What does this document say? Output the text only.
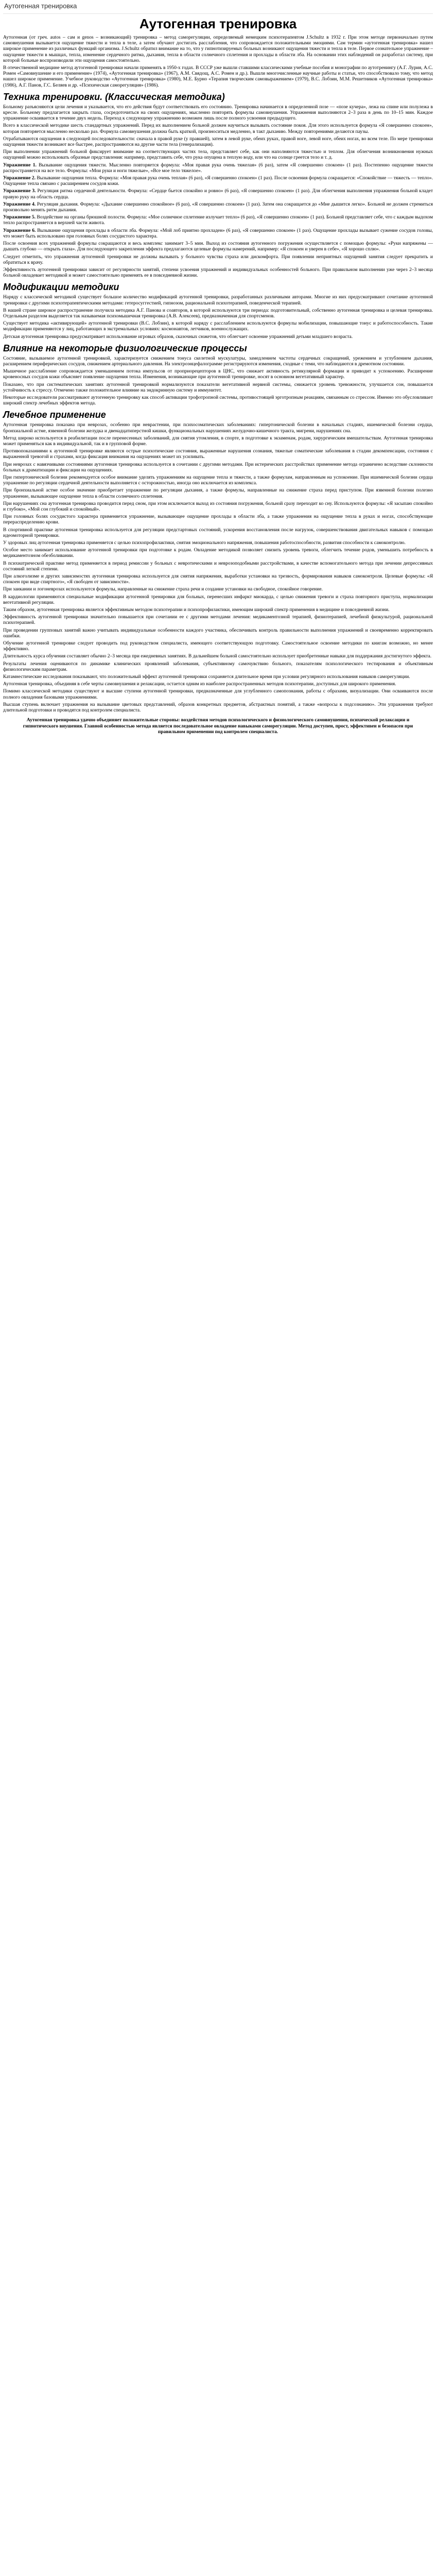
Аутогенная тренировка
Аутогенная тренировка

Аутогенная (от греч. autos – сам и genos – возникающий) тренировка – метод саморегуляции, определяемый немецким психотерапевтом J.Schultz в 1932 г. При этом методе первоначально путем самовнушения вызывается ощущение тяжести и тепла в теле, а затем обучают достигать расслабления, что сопровождается положительными эмоциями. Сам термин «аутогенная тренировка» нашел широкое применение из различных функций организма. J.Schultz обратил внимание на то, что у гипнотизируемых больных возникают ощущения тяжести и тепла в теле. Первое сознательное упражнение – ощущение тяжести в мышцах, тепла, изменение сердечного ритма, дыхания, тепла в области солнечного сплетения и прохлады в области лба. На основании этих наблюдений он разработал систему, при которой больные воспроизводили эти ощущения самостоятельно.

В отечественной медицине метод аутогенной тренировки начали применять в 1950-х годах. В СССР уже вышли ставшими классическими учебные пособия и монографии по аутотренингу (А.Г. Лурия, А.С. Ромен «Самовнушение и его применение» (1974), «Аутогенная тренировка» (1967), А.М. Свядощ, А.С. Ромен и др.). Вышли многочисленные научные работы и статьи, что способствовало тому, что метод нашел широкое применение. Учебное руководство «Аутогенная тренировка» (1980), М.Е. Бурно «Терапия творческим самовыражением» (1979), В.С. Лобзин, М.М. Решетников «Аутогенная тренировка» (1986), А.Г. Панов, Г.С. Беляев и др. «Психическая саморегуляция» (1986).

Техника тренировки. (Классическая методика)

Больному разъясняются цели лечения и указывается, что его действия будут соответствовать его состоянию. Тренировка начинается в определенной позе — «позе кучера», лежа на спине или полулежа в кресле. Больному предлагается закрыть глаза, сосредоточиться на своих ощущениях, мысленно повторять формулы самовнушения. Упражнения выполняются 2–3 раза в день по 10–15 мин. Каждое упражнение осваивается в течение двух недель. Переход к следующему упражнению возможен лишь после полного усвоения предыдущего.

Всего в классической методике шесть стандартных упражнений. Перед их выполнением больной должен научиться вызывать состояние покоя. Для этого используется формула «Я совершенно спокоен», которая повторяется мысленно несколько раз. Формула самовнушения должна быть краткой, произноситься медленно, в такт дыханию. Между повторениями делаются паузы.

Отрабатываются ощущения в следующей последовательности: сначала в правой руке (у правшей), затем в левой руке, обеих руках, правой ноге, левой ноге, обеих ногах, во всем теле. По мере тренировки ощущения тяжести возникают все быстрее, распространяются на другие части тела (генерализация).

При выполнении упражнений больной фиксирует внимание на соответствующих частях тела, представляет себе, как они наполняются тяжестью и теплом. Для облегчения возникновения нужных ощущений можно использовать образные представления: например, представить себе, что рука опущена в теплую воду, или что на солнце греется тело и т. д.

Упражнение 1. Вызывание ощущения тяжести. Мысленно повторяется формула: «Моя правая рука очень тяжелая» (6 раз), затем «Я совершенно спокоен» (1 раз). Постепенно ощущение тяжести распространяется на все тело. Формулы: «Мои руки и ноги тяжелые», «Все мое тело тяжелое».

Упражнение 2. Вызывание ощущения тепла. Формула: «Моя правая рука очень теплая» (6 раз), «Я совершенно спокоен» (1 раз). После освоения формула сокращается: «Спокойствие — тяжесть — тепло». Ощущение тепла связано с расширением сосудов кожи.

Упражнение 3. Регуляция ритма сердечной деятельности. Формула: «Сердце бьется спокойно и ровно» (6 раз), «Я совершенно спокоен» (1 раз). Для облегчения выполнения упражнения больной кладет правую руку на область сердца.

Упражнение 4. Регуляция дыхания. Формула: «Дыхание совершенно спокойное» (6 раз), «Я совершенно спокоен» (1 раз). Затем она сокращается до «Мне дышится легко». Больной не должен стремиться произвольно менять ритм дыхания.

Упражнение 5. Воздействие на органы брюшной полости. Формула: «Мое солнечное сплетение излучает тепло» (6 раз), «Я совершенно спокоен» (1 раз). Больной представляет себе, что с каждым выдохом тепло распространяется в верхней части живота.

Упражнение 6. Вызывание ощущения прохлады в области лба. Формула: «Мой лоб приятно прохладен» (6 раз), «Я совершенно спокоен» (1 раз). Ощущение прохлады вызывает сужение сосудов головы, что может быть использовано при головных болях сосудистого характера.

После освоения всех упражнений формулы сокращаются и весь комплекс занимает 3–5 мин. Выход из состояния аутогенного погружения осуществляется с помощью формулы: «Руки напряжены — дышать глубоко — открыть глаза». Для последующего закрепления эффекта предлагаются целевые формулы намерений, например: «Я спокоен и уверен в себе», «Я хорошо сплю».

Следует отметить, что упражнения аутогенной тренировки не должны вызывать у больного чувства страха или дискомфорта. При появлении неприятных ощущений занятия следует прекратить и обратиться к врачу.

Эффективность аутогенной тренировки зависит от регулярности занятий, степени усвоения упражнений и индивидуальных особенностей больного. При правильном выполнении уже через 2–3 месяца больной овладевает методикой и может самостоятельно применять ее в повседневной жизни.

Модификации методики

Наряду с классической методикой существует большое количество модификаций аутогенной тренировки, разработанных различными авторами. Многие из них предусматривают сочетание аутогенной тренировки с другими психотерапевтическими методами: гетеросуггестией, гипнозом, рациональной психотерапией, поведенческой терапией.

В нашей стране широкое распространение получила методика А.Г. Панова и соавторов, в которой используются три периода: подготовительный, собственно аутогенная тренировка и целевая тренировка. Отдельным разделом выделяется так называемая психомышечная тренировка (А.В. Алексеев), предназначенная для спортсменов.

Существует методика «активирующей» аутогенной тренировки (В.С. Лобзин), в которой наряду с расслаблением используются формулы мобилизации, повышающие тонус и работоспособность. Такие модификации применяются у лиц, работающих в экстремальных условиях: космонавтов, летчиков, военнослужащих.

Детская аутогенная тренировка предусматривает использование игровых образов, сказочных сюжетов, что облегчает освоение упражнений детьми младшего возраста.

Влияние на некоторые физиологические процессы

Состояние, вызываемое аутогенной тренировкой, характеризуется снижением тонуса скелетной мускулатуры, замедлением частоты сердечных сокращений, урежением и углублением дыхания, расширением периферических сосудов, снижением артериального давления. На электроэнцефалограмме регистрируются изменения, сходные с теми, что наблюдаются в дремотном состоянии.

Мышечное расслабление сопровождается уменьшением потока импульсов от проприорецепторов в ЦНС, что снижает активность ретикулярной формации и приводит к успокоению. Расширение кровеносных сосудов кожи объясняет появление ощущения тепла. Изменения, возникающие при аутогенной тренировке, носят в основном вегетативный характер.

Показано, что при систематических занятиях аутогенной тренировкой нормализуются показатели вегетативной нервной системы, снижается уровень тревожности, улучшается сон, повышается устойчивость к стрессу. Отмечено также положительное влияние на эндокринную систему и иммунитет.

Некоторые исследователи рассматривают аутогенную тренировку как способ активации трофотропной системы, противостоящей эрготропным реакциям, связанным со стрессом. Именно это обусловливает широкий спектр лечебных эффектов метода.

Лечебное применение

Аутогенная тренировка показана при неврозах, особенно при неврастении, при психосоматических заболеваниях: гипертонической болезни в начальных стадиях, ишемической болезни сердца, бронхиальной астме, язвенной болезни желудка и двенадцатиперстной кишки, функциональных нарушениях желудочно-кишечного тракта, мигрени, нарушениях сна.

Метод широко используется в реабилитации после перенесенных заболеваний, для снятия утомления, в спорте, в подготовке к экзаменам, родам, хирургическим вмешательствам. Аутогенная тренировка может применяться как в индивидуальной, так и в групповой форме.

Противопоказаниями к аутогенной тренировке являются острые психотические состояния, выраженные нарушения сознания, тяжелые соматические заболевания в стадии декомпенсации, состояния с выраженной тревогой и страхами, когда фиксация внимания на ощущениях может их усиливать.

При неврозах с навязчивыми состояниями аутогенная тренировка используется в сочетании с другими методами. При истерических расстройствах применение метода ограничено вследствие склонности больных к драматизации и фиксации на ощущениях.

При гипертонической болезни рекомендуется особое внимание уделять упражнениям на ощущение тепла и тяжести, а также формулам, направленным на успокоение. При ишемической болезни сердца упражнение по регуляции сердечной деятельности выполняется с осторожностью, иногда оно исключается из комплекса.

При бронхиальной астме особое значение приобретает упражнение по регуляции дыхания, а также формулы, направленные на снижение страха перед приступом. При язвенной болезни полезно упражнение, вызывающее ощущение тепла в области солнечного сплетения.

При нарушениях сна аутогенная тренировка проводится перед сном, при этом исключается выход из состояния погружения, больной сразу переходит ко сну. Используются формулы: «Я засыпаю спокойно и глубоко», «Мой сон глубокий и спокойный».

При головных болях сосудистого характера применяется упражнение, вызывающее ощущение прохлады в области лба, а также упражнения на ощущение тепла в руках и ногах, способствующие перераспределению крови.

В спортивной практике аутогенная тренировка используется для регуляции предстартовых состояний, ускорения восстановления после нагрузок, совершенствования двигательных навыков с помощью идеомоторной тренировки.

У здоровых лиц аутогенная тренировка применяется с целью психопрофилактики, снятия эмоционального напряжения, повышения работоспособности, развития способности к самоконтролю.

Особое место занимает использование аутогенной тренировки при подготовке к родам. Овладение методикой позволяет снизить уровень тревоги, облегчить течение родов, уменьшить потребность в медикаментозном обезболивании.

В психиатрической практике метод применяется в период ремиссии у больных с невротическими и неврозоподобными расстройствами, в качестве вспомогательного метода при лечении депрессивных состояний легкой степени.

При алкоголизме и других зависимостях аутогенная тренировка используется для снятия напряжения, выработки установки на трезвость, формирования навыков самоконтроля. Целевые формулы: «Я спокоен при виде спиртного», «Я свободен от зависимости».

При заикании и логоневрозах используются формулы, направленные на снижение страха речи и создание установки на свободное, спокойное говорение.

В кардиологии применяются специальные модификации аутогенной тренировки для больных, перенесших инфаркт миокарда, с целью снижения тревоги и страха повторного приступа, нормализации вегетативной регуляции.

Таким образом, аутогенная тренировка является эффективным методом психотерапии и психопрофилактики, имеющим широкий спектр применения в медицине и повседневной жизни.

Эффективность аутогенной тренировки значительно повышается при сочетании ее с другими методами лечения: медикаментозной терапией, физиотерапией, лечебной физкультурой, рациональной психотерапией.

При проведении групповых занятий важно учитывать индивидуальные особенности каждого участника, обеспечивать контроль правильности выполнения упражнений и своевременно корректировать ошибки.

Обучение аутогенной тренировке следует проводить под руководством специалиста, имеющего соответствующую подготовку. Самостоятельное освоение методики по книгам возможно, но менее эффективно.

Длительность курса обучения составляет обычно 2–3 месяца при ежедневных занятиях. В дальнейшем больной самостоятельно использует приобретенные навыки для поддержания достигнутого эффекта.

Результаты лечения оцениваются по динамике клинических проявлений заболевания, субъективному самочувствию больного, показателям психологического тестирования и объективным физиологическим параметрам.

Катамнестические исследования показывают, что положительный эффект аутогенной тренировки сохраняется длительное время при условии регулярного использования навыков саморегуляции.

Аутогенная тренировка, объединяя в себе черты самовнушения и релаксации, остается одним из наиболее распространенных методов психотерапии, доступных для широкого применения.

Помимо классической методики существуют и высшие ступени аутогенной тренировки, предназначенные для углубленного самопознания, работы с образами, визуализации. Они осваиваются после полного овладения базовыми упражнениями.

Высшая ступень включает упражнения на вызывание цветовых представлений, образов конкретных предметов, абстрактных понятий, а также «вопросы к подсознанию». Эти упражнения требуют длительной подготовки и проводятся под контролем специалиста.

Аутогенная тренировка удачно объединяет положительные стороны: воздействия методов психологического и физиологического самовнушения, психической релаксации и гипнотического внушения. Главной особенностью метода является последовательное овладение навыками саморегуляции. Метод доступен, прост, эффективен и безопасен при правильном применении под контролем специалиста.
